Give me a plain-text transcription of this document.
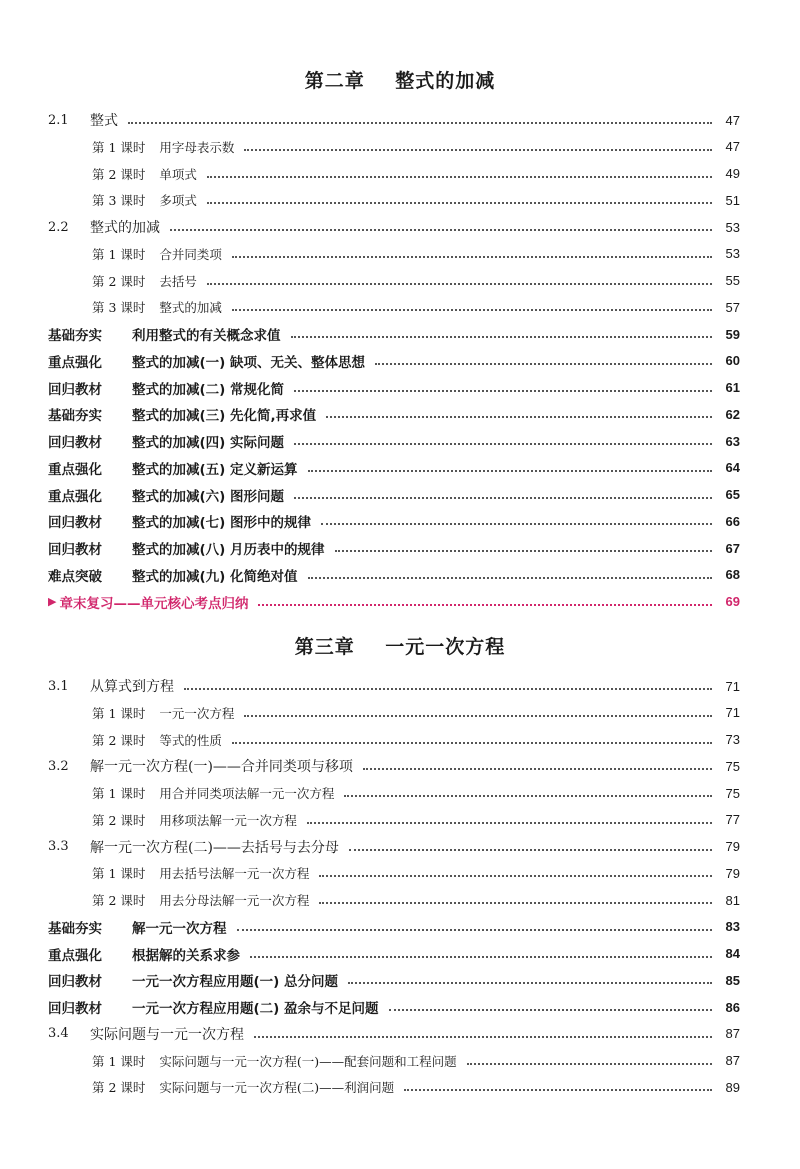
第二章    整式的加减
2.1	整式	47
第 1 课时 用字母表示数	47
第 2 课时 单项式	49
第 3 课时 多项式	51
2.2	整式的加减	53
第 1 课时 合并同类项	53
第 2 课时 去括号	55
第 3 课时 整式的加减	57
基础夯实	利用整式的有关概念求值	59
重点强化	整式的加减(一) 缺项、无关、整体思想	60
回归教材	整式的加减(二) 常规化简	61
基础夯实	整式的加减(三) 先化简,再求值	62
回归教材	整式的加减(四) 实际问题	63
重点强化	整式的加减(五) 定义新运算	64
重点强化	整式的加减(六) 图形问题	65
回归教材	整式的加减(七) 图形中的规律	66
回归教材	整式的加减(八) 月历表中的规律	67
难点突破	整式的加减(九) 化简绝对值	68
▶ 章末复习——单元核心考点归纳	69
第三章    一元一次方程
3.1	从算式到方程	71
第 1 课时 一元一次方程	71
第 2 课时 等式的性质	73
3.2	解一元一次方程(一)——合并同类项与移项	75
第 1 课时 用合并同类项法解一元一次方程	75
第 2 课时 用移项法解一元一次方程	77
3.3	解一元一次方程(二)——去括号与去分母	79
第 1 课时 用去括号法解一元一次方程	79
第 2 课时 用去分母法解一元一次方程	81
基础夯实	解一元一次方程	83
重点强化	根据解的关系求参	84
回归教材	一元一次方程应用题(一) 总分问题	85
回归教材	一元一次方程应用题(二) 盈余与不足问题	86
3.4	实际问题与一元一次方程	87
第 1 课时 实际问题与一元一次方程(一)——配套问题和工程问题	87
第 2 课时 实际问题与一元一次方程(二)——利润问题	89
